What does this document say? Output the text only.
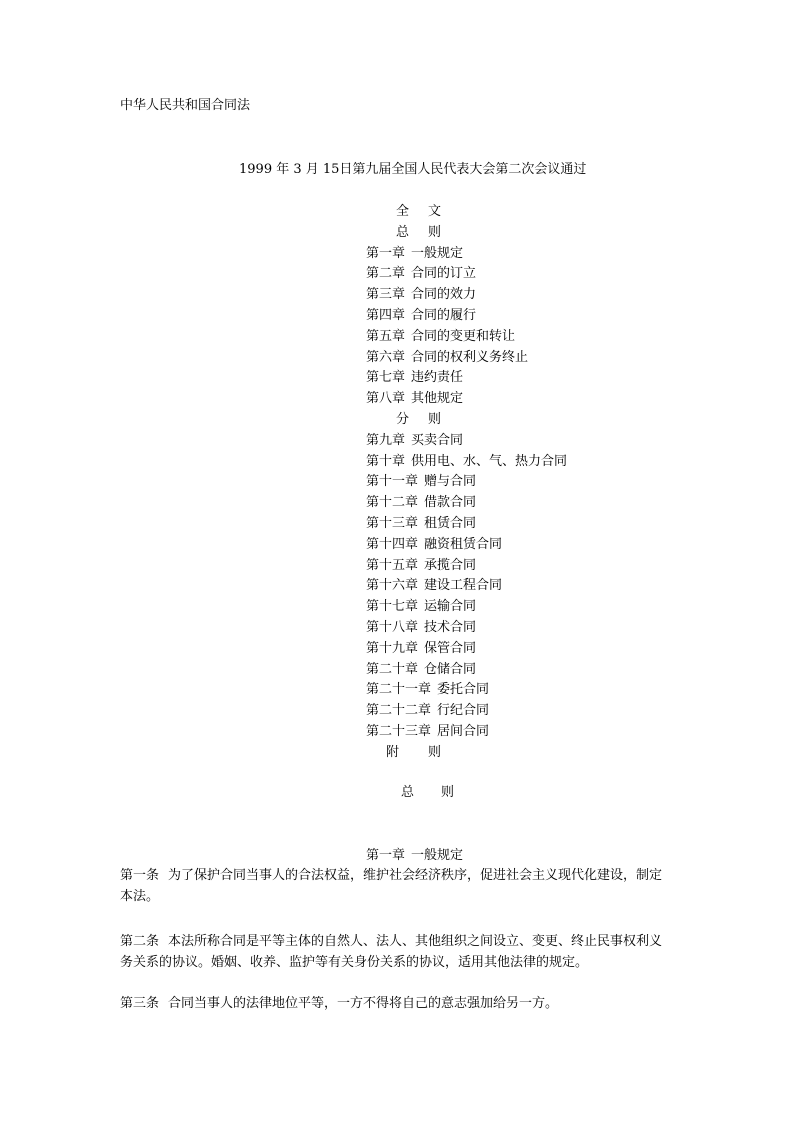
中华人民共和国合同法
1999 年 3 月 15日第九届全国人民代表大会第二次会议通过
全 文
总 则
第一章 一般规定
第二章 合同的订立
第三章 合同的效力
第四章 合同的履行
第五章 合同的变更和转让
第六章 合同的权利义务终止
第七章 违约责任
第八章 其他规定
分 则
第九章 买卖合同
第十章 供用电、水、气、热力合同
第十一章 赠与合同
第十二章 借款合同
第十三章 租赁合同
第十四章 融资租赁合同
第十五章 承揽合同
第十六章 建设工程合同
第十七章 运输合同
第十八章 技术合同
第十九章 保管合同
第二十章 仓储合同
第二十一章 委托合同
第二十二章 行纪合同
第二十三章 居间合同
附 则
总 则
第一章 一般规定
第一条 为了保护合同当事人的合法权益，维护社会经济秩序，促进社会主义现代化建设，制定本法。
第二条 本法所称合同是平等主体的自然人、法人、其他组织之间设立、变更、终止民事权利义务关系的协议。婚姻、收养、监护等有关身份关系的协议，适用其他法律的规定。
第三条 合同当事人的法律地位平等，一方不得将自己的意志强加给另一方。
